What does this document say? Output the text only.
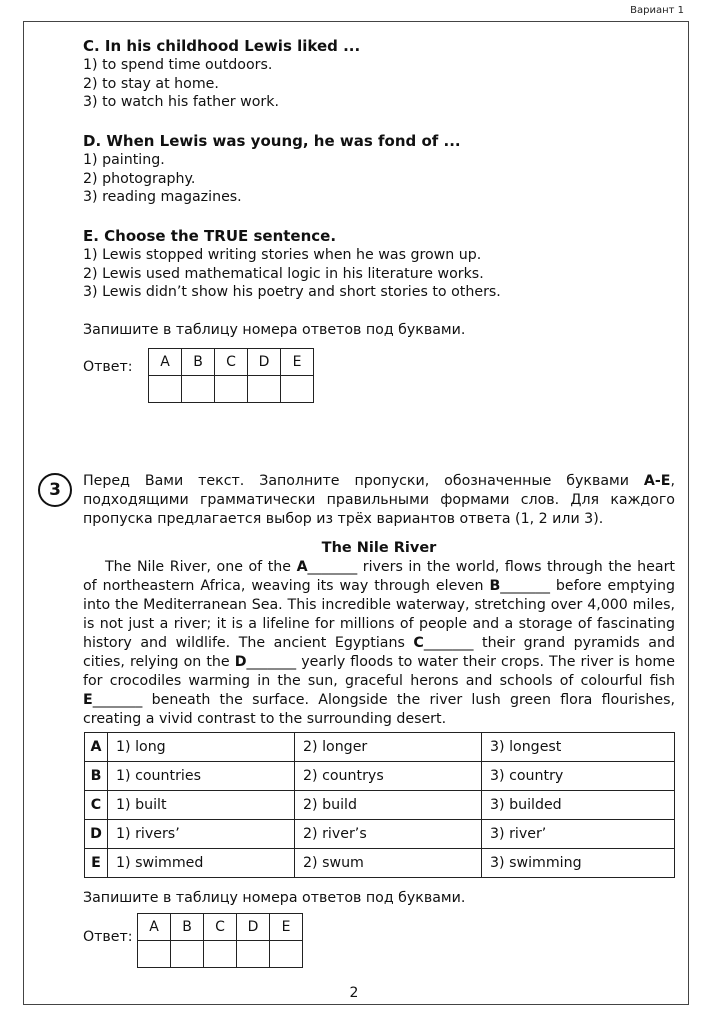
Вариант 1
C. In his childhood Lewis liked ...
1) to spend time outdoors.
2) to stay at home.
3) to watch his father work.
D. When Lewis was young, he was fond of ...
1) painting.
2) photography.
3) reading magazines.
E. Choose the TRUE sentence.
1) Lewis stopped writing stories when he was grown up.
2) Lewis used mathematical logic in his literature works.
3) Lewis didn’t show his poetry and short stories to others.
Запишите в таблицу номера ответов под буквами.
Ответ: A	B	C	D	E

3	Перед Вами текст. Заполните пропуски, обозначенные буквами A-E, подходящими грамматически правильными формами слов. Для каждого пропуска предлагается выбор из трёх вариантов ответа (1, 2 или 3).
The Nile River
The Nile River, one of the A_______ rivers in the world, flows through the heart of northeastern Africa, weaving its way through eleven B_______ before emptying into the Mediterranean Sea. This incredible waterway, stretching over 4,000 miles, is not just a river; it is a lifeline for millions of people and a storage of fascinating history and wildlife. The ancient Egyptians C_______ their grand pyramids and cities, relying on the D_______ yearly floods to water their crops. The river is home for crocodiles warming in the sun, graceful herons and schools of colourful fish E_______ beneath the surface. Alongside the river lush green flora flourishes, creating a vivid contrast to the surrounding desert.
A	1) long	2) longer	3) longest
B	1) countries	2) countrys	3) country
C	1) built	2) build	3) builded
D	1) rivers’	2) river’s	3) river’
E	1) swimmed	2) swum	3) swimming
Запишите в таблицу номера ответов под буквами.
Ответ:
A	B	C	D	E

2
